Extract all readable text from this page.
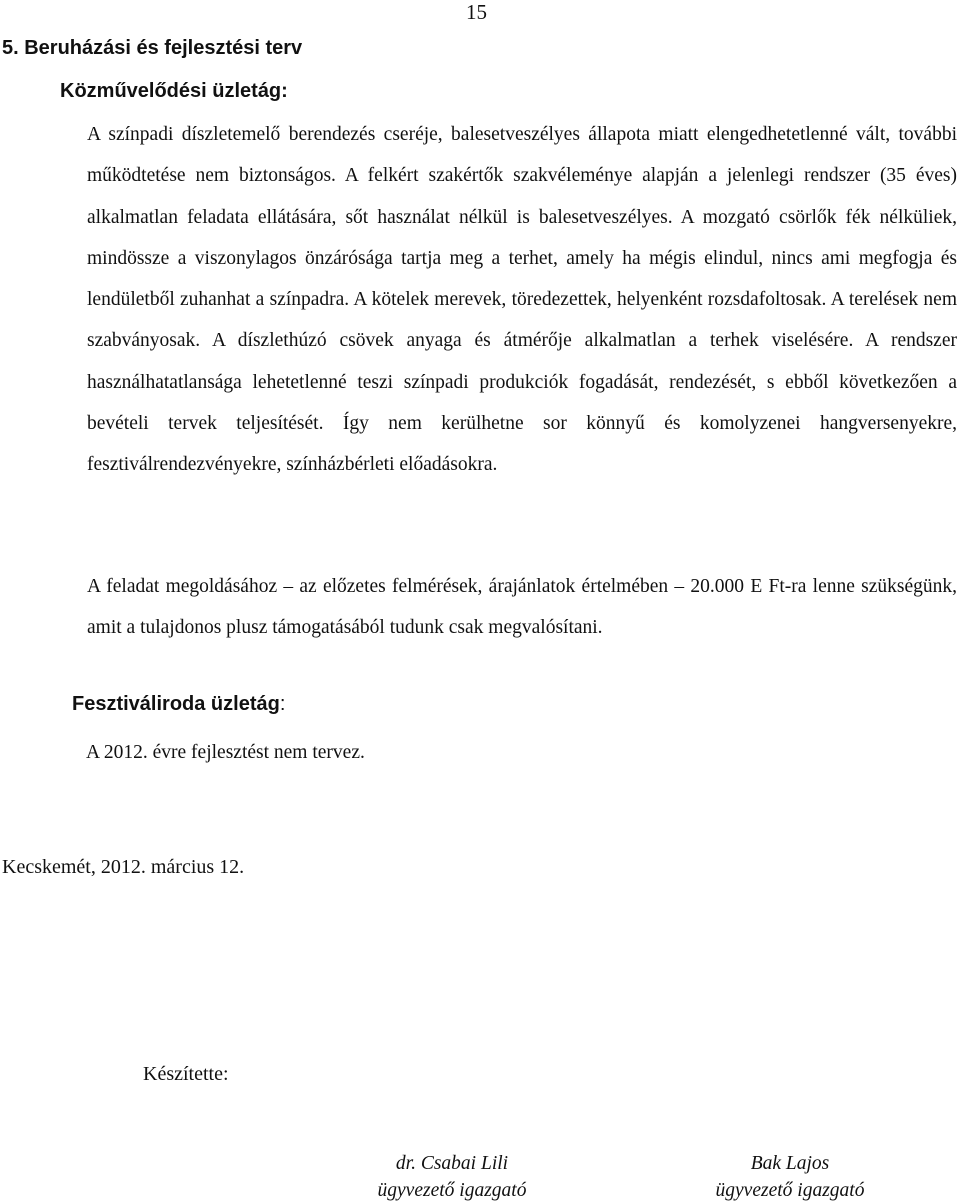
15
5. Beruházási és fejlesztési terv
Közművelődési üzletág:

A színpadi díszletemelő berendezés cseréje, balesetveszélyes állapota miatt elengedhetetlenné vált, további működtetése nem biztonságos. A felkért szakértők szakvéleménye alapján a jelenlegi rendszer (35 éves) alkalmatlan feladata ellátására, sőt használat nélkül is balesetveszélyes. A mozgató csörlők fék nélküliek, mindössze a viszonylagos önzárósága tartja meg a terhet, amely ha mégis elindul, nincs ami megfogja és lendületből zuhanhat a színpadra. A kötelek merevek, töredezettek, helyenként rozsdafoltosak. A terelések nem szabványosak. A díszlethúzó csövek anyaga és átmérője alkalmatlan a terhek viselésére. A rendszer használhatatlansága lehetetlenné teszi színpadi produkciók fogadását, rendezését, s ebből következően a bevételi tervek teljesítését. Így nem kerülhetne sor könnyű és komolyzenei hangversenyekre, fesztiválrendezvényekre, színházbérleti előadásokra.

A feladat megoldásához – az előzetes felmérések, árajánlatok értelmében – 20.000 E Ft-ra lenne szükségünk, amit a tulajdonos plusz támogatásából tudunk csak megvalósítani.

Fesztiváliroda üzletág:

A 2012. évre fejlesztést nem tervez.

Kecskemét, 2012. március 12.
Készítette:
dr. Csabai Lili
ügyvezető igazgató
Bak Lajos
ügyvezető igazgató
